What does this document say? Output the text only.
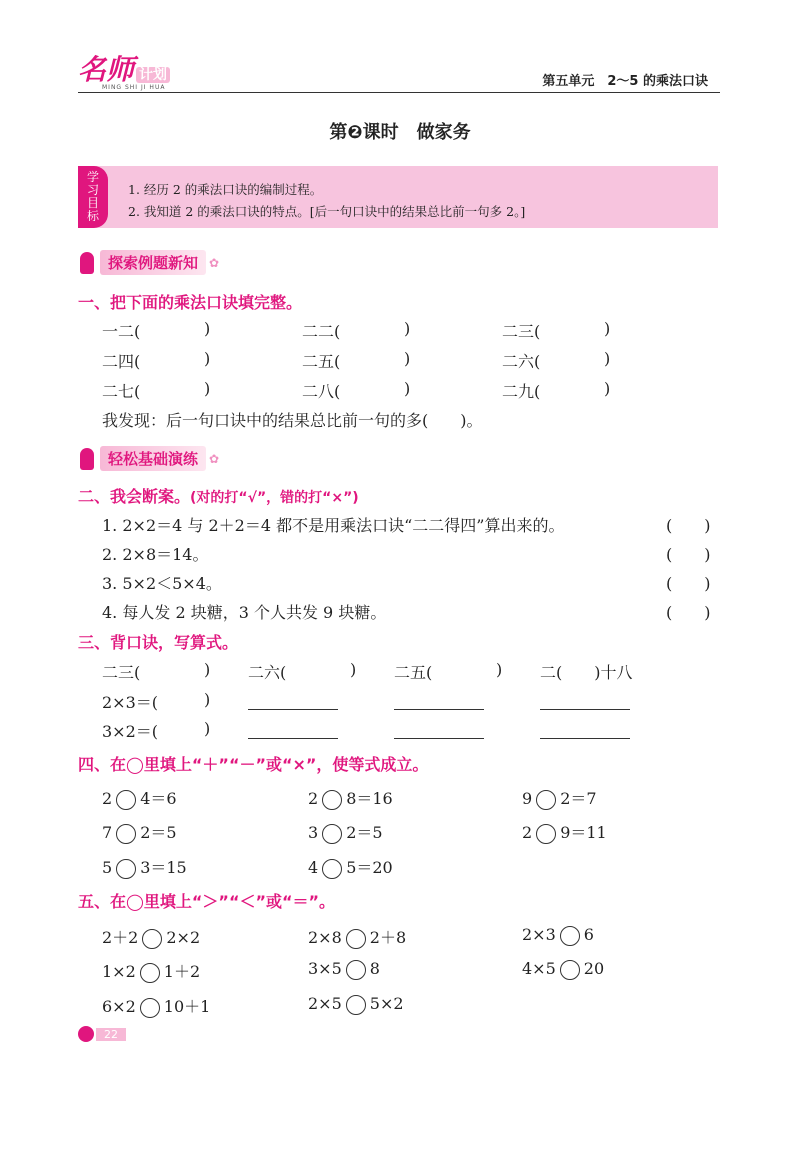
名师 计划
MING SHI JI HUA	第五单元　2～5 的乘法口诀
第❷课时　做家务
学
习
目
标
1. 经历 2 的乘法口诀的编制过程。
2. 我知道 2 的乘法口诀的特点。[后一句口诀中的结果总比前一句多 2。]
探索例题新知 ✿
一、把下面的乘法口诀填完整。
一二(	)	二二(	)	二三(	)
二四(	)	二五(	)	二六(	)
二七(	)	二八(	)	二九(	)
我发现：后一句口诀中的结果总比前一句的多(　　)。
轻松基础演练 ✿
二、我会断案。(对的打“√”，错的打“×”)
1. 2×2＝4 与 2＋2＝4 都不是用乘法口诀“二二得四”算出来的。	(　　)
2. 2×8＝14。	(　　)
3. 5×2＜5×4。	(　　)
4. 每人发 2 块糖，3 个人共发 9 块糖。	(　　)
三、背口诀，写算式。
二三(	) 二六(	) 二五(	) 二(　　)十八
2×3＝(	)
3×2＝(	)
四、在◯里填上“＋”“－”或“×”，使等式成立。
2 4＝6	2 8＝16	9 2＝7
7 2＝5	3 2＝5	2 9＝11
5 3＝15	4 5＝20
五、在◯里填上“＞”“＜”或“＝”。
2＋2 2×2	2×8 2＋8	2×3 6
1×2 1＋2	3×5 8	4×5 20
6×2 10＋1	2×5 5×2
22
